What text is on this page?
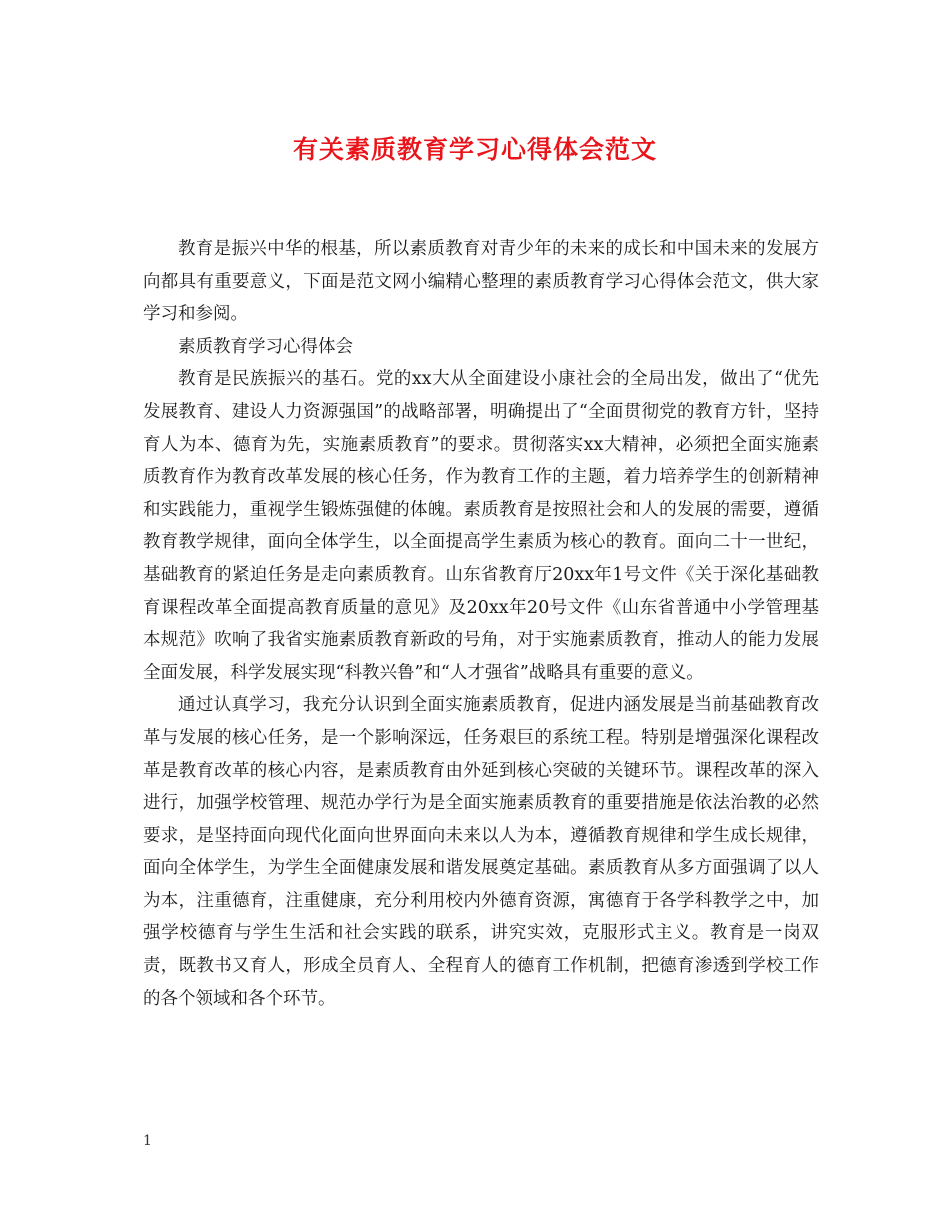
有关素质教育学习心得体会范文

教育是振兴中华的根基，所以素质教育对青少年的未来的成长和中国未来的发展方向都具有重要意义，下面是范文网小编精心整理的素质教育学习心得体会范文，供大家学习和参阅。

素质教育学习心得体会

教育是民族振兴的基石。党的xx大从全面建设小康社会的全局出发，做出了“优先发展教育、建设人力资源强国”的战略部署，明确提出了“全面贯彻党的教育方针，坚持育人为本、德育为先，实施素质教育”的要求。贯彻落实xx大精神，必须把全面实施素质教育作为教育改革发展的核心任务，作为教育工作的主题，着力培养学生的创新精神和实践能力，重视学生锻炼强健的体魄。素质教育是按照社会和人的发展的需要，遵循教育教学规律，面向全体学生，以全面提高学生素质为核心的教育。面向二十一世纪，基础教育的紧迫任务是走向素质教育。山东省教育厅20xx年1号文件《关于深化基础教育课程改革全面提高教育质量的意见》及20xx年20号文件《山东省普通中小学管理基本规范》吹响了我省实施素质教育新政的号角，对于实施素质教育，推动人的能力发展全面发展，科学发展实现“科教兴鲁”和“人才强省”战略具有重要的意义。

通过认真学习，我充分认识到全面实施素质教育，促进内涵发展是当前基础教育改革与发展的核心任务，是一个影响深远，任务艰巨的系统工程。特别是增强深化课程改革是教育改革的核心内容，是素质教育由外延到核心突破的关键环节。课程改革的深入进行，加强学校管理、规范办学行为是全面实施素质教育的重要措施是依法治教的必然要求，是坚持面向现代化面向世界面向未来以人为本，遵循教育规律和学生成长规律，面向全体学生，为学生全面健康发展和谐发展奠定基础。素质教育从多方面强调了以人为本，注重德育，注重健康，充分利用校内外德育资源，寓德育于各学科教学之中，加强学校德育与学生生活和社会实践的联系，讲究实效，克服形式主义。教育是一岗双责，既教书又育人，形成全员育人、全程育人的德育工作机制，把德育渗透到学校工作的各个领域和各个环节。

1
